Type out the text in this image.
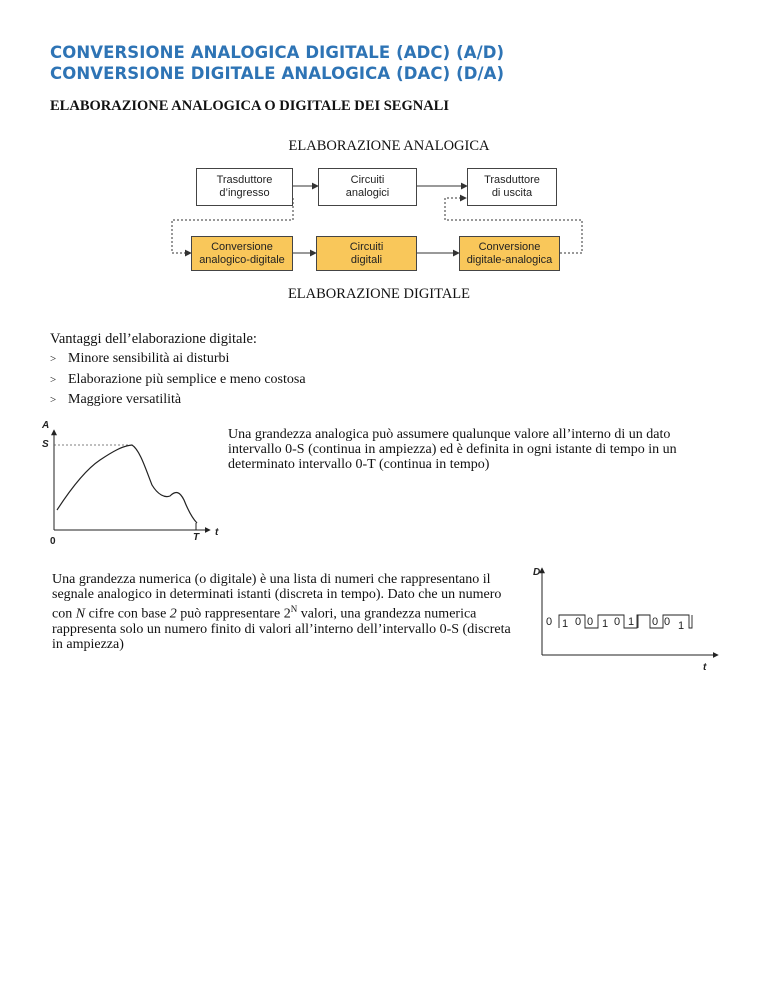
CONVERSIONE ANALOGICA DIGITALE (ADC) (A/D)
CONVERSIONE DIGITALE ANALOGICA (DAC) (D/A)
ELABORAZIONE ANALOGICA O DIGITALE DEI SEGNALI
ELABORAZIONE ANALOGICA
Trasduttore
d’ingresso
Circuiti
analogici
Trasduttore
di uscita
Conversione
analogico-digitale
Circuiti
digitali
Conversione
digitale-analogica
ELABORAZIONE DIGITALE
Vantaggi dell’elaborazione digitale:
> Minore sensibilità ai disturbi
> Elaborazione più semplice e meno costosa
> Maggiore versatilità
A
S
0	T t
Una grandezza analogica può assumere qualunque valore all’interno di un dato intervallo 0-S (continua in ampiezza) ed è definita in ogni istante di tempo in un determinato intervallo 0-T (continua in tempo)
Una grandezza numerica (o digitale) è una lista di numeri che rappresentano il segnale analogico in determinati istanti (discreta in tempo). Dato che un numero con N cifre con base 2 può rappresentare $2^N$ valori, una grandezza numerica rappresenta solo un numero finito di valori all’interno dell’intervallo 0-S (discreta in ampiezza)
D
t
0 1 0 0 1 0 1 0 0 1
